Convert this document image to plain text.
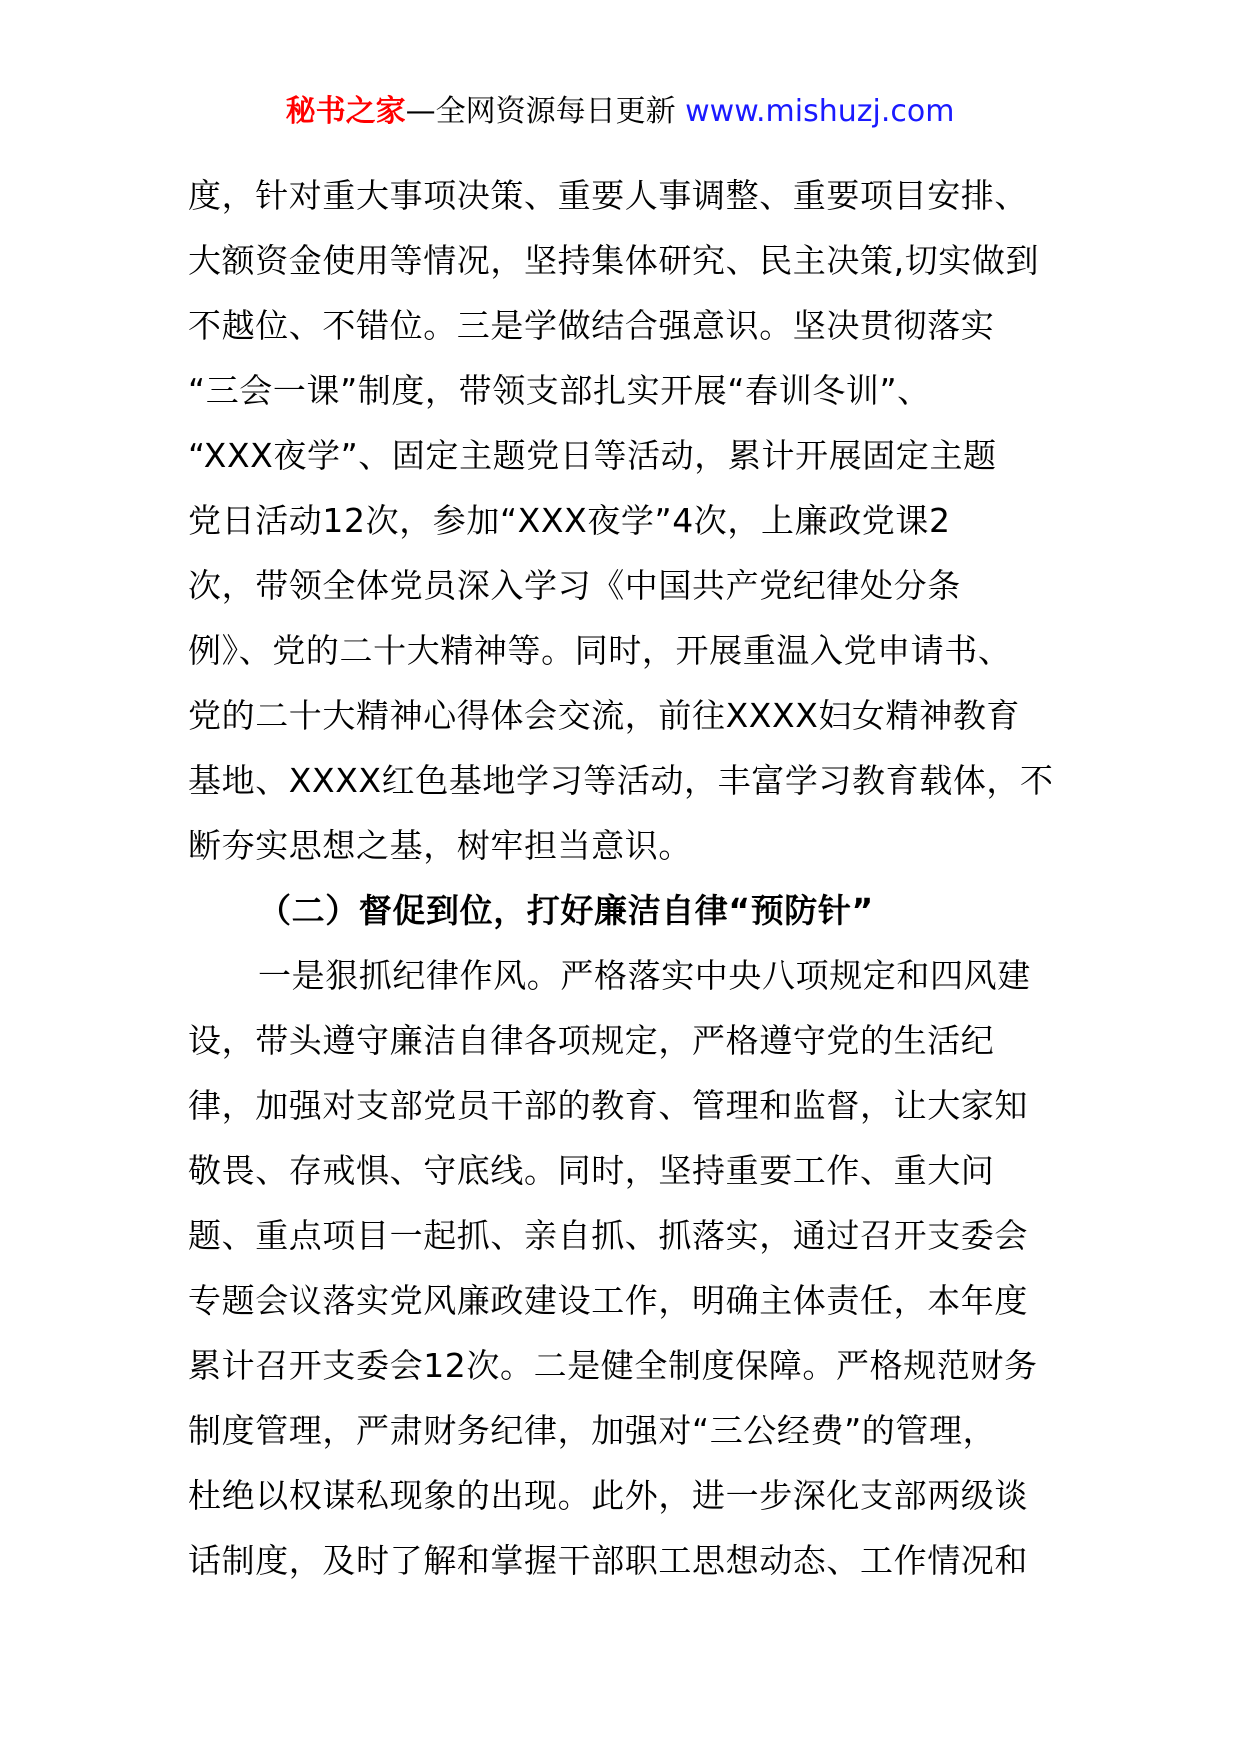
秘书之家—全网资源每日更新 www.mishuzj.com
度，针对重大事项决策、重要人事调整、重要项目安排、
大额资金使用等情况，坚持集体研究、民主决策,切实做到
不越位、不错位。三是学做结合强意识。坚决贯彻落实
“三会一课”制度，带领支部扎实开展“春训冬训”、
“XXX夜学”、固定主题党日等活动，累计开展固定主题
党日活动12次，参加“XXX夜学”4次，上廉政党课2
次，带领全体党员深入学习《中国共产党纪律处分条
例》、党的二十大精神等。同时，开展重温入党申请书、
党的二十大精神心得体会交流，前往XXXX妇女精神教育
基地、XXXX红色基地学习等活动，丰富学习教育载体，不
断夯实思想之基，树牢担当意识。
（二）督促到位，打好廉洁自律“预防针”
一是狠抓纪律作风。严格落实中央八项规定和四风建
设，带头遵守廉洁自律各项规定，严格遵守党的生活纪
律，加强对支部党员干部的教育、管理和监督，让大家知
敬畏、存戒惧、守底线。同时，坚持重要工作、重大问
题、重点项目一起抓、亲自抓、抓落实，通过召开支委会
专题会议落实党风廉政建设工作，明确主体责任，本年度
累计召开支委会12次。二是健全制度保障。严格规范财务
制度管理，严肃财务纪律，加强对“三公经费”的管理，
杜绝以权谋私现象的出现。此外，进一步深化支部两级谈
话制度，及时了解和掌握干部职工思想动态、工作情况和
